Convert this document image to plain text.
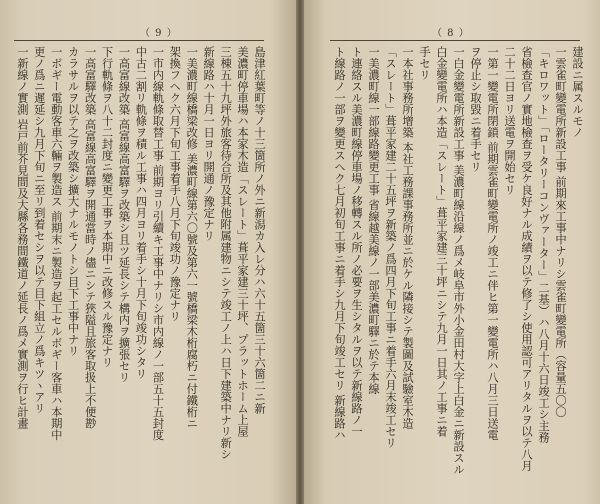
（ 9 ）
島津紅葉町等ノ十三箇所ノ外ニ新潟カ入レ分ハ六十五箇三十六箇二ニ新
美濃町停車場ハ本家木造「スレート」葺平家建三十坪、プラットホーム上屋
三棟五十九坪外旅客待合所及其他附属建物ニシテ竣工ノ上ハ日下建築中ナリ新シ
新線路ハ十月一日ヨリ開通ノ豫定ナリ
一美濃町線橋梁改修 美濃町線第六〇號及第六一號橋梁木桁腐朽ニ付鐵桁ニ
架換フヘク六月下旬工事着手八月下旬竣功ノ豫定ナリ
一市内線軌條取替工事 前期ヨリ引續キ工事中ナリシ市内線ノ一部五十五封度
中古二割リ軌條ヲ積ル工事ハ四月ヨリ着手シ十月下旬竣功シタリ
一高富線改築 高富線高富驛ヲ改築シ且ツ延長シテ構内ヲ擴張セリ
下行軌條ヲ八十二封度ニ變更工事ヲ本期中ニ改修スル豫定ナリ
一高富驛改築 高富線高富驛ヲ開通當時ノ儘ニシテ狹隘且旅客取扱上不便尠
カラサルヲ以テ之ヲ改築シ擴大ナルモノトシ目下工事中ナリ
一ボギー電動客車六輛ヲ製造ス 前期末ニ製造ヲ起工セルボギー客車ハ本期中
更ノ爲ニ遲延シ九月下旬ニ至リ到着セシヲ以テ目下組立ノ爲キツヽアリ
一新線ノ實測 岩戸前芥見間及大縣各務間鐵道ノ延長ノ爲メ實測ヲ行ヒ計畫
（ 8 ）
建設ニ属スルモノ
一雲雀町變電所新設工事 前期來工事中ナリシ雲雀町變電所（容量五〇〇
「キロワット」「ロータリーコンヴァーター」二基）ハ八月十六日竣工シ主務
省檢查官ノ實地檢查ヲ受ケ良好ナル成績ヲ以テ修了シ使用認可アリタルヲ以テ八月
二十二日ヨリ送電ヲ開始セリ
一第一變電所閉鎖 前期雲雀町變電所ノ竣工ニ伴ヒ第一變電所ハ八月三日送電
ヲ停止シ取毀ニ着手セリ
一白金變電所新設工事 美濃町線沿線ノ爲メ岐阜市外小金田村大字上白金ニ新設スル
白金變電所ハ本造「スレート」葺平家建三十坪ニシテ九月一日其ノ工事ニ着
手セリ
一本社事務所增築 本社工務課事務所並ニ於ケル隣接シテ製圖及試驗室木造
「スレート」葺平家建二十五坪ヲ新築ノ爲四月下旬工事ニ着手六月末竣工セリ
一美濃町線一部線路變更工事 省線越美線ノ一部美濃町驛ニ於テ本線
ト連絡スル美濃町線停車場ノ移轉スル所ノ必要ヲ生シタルヲ以テ新線路ノ一
ト線路ノ一部ヲ變更スヘク七月初旬工事ニ着手シ九月下旬竣工セリ 新線路ハ
